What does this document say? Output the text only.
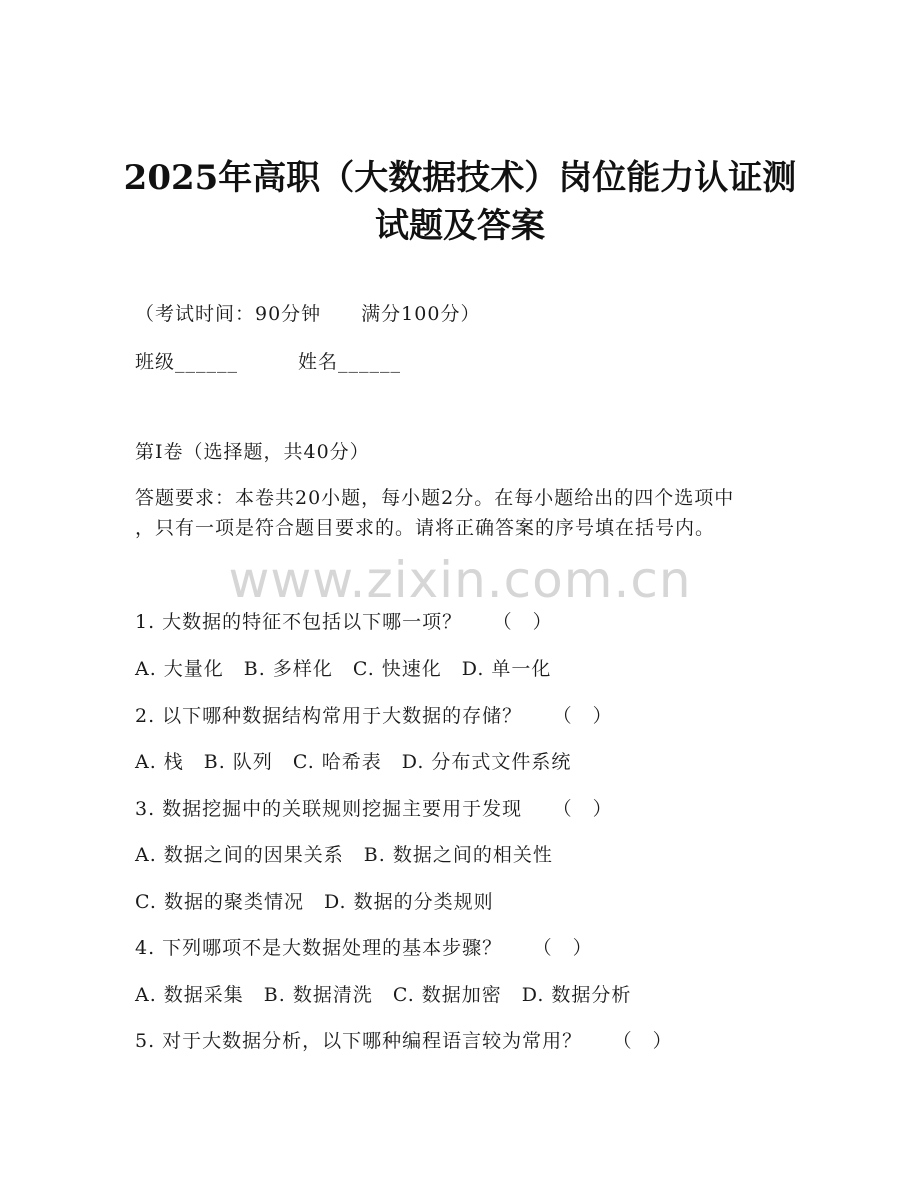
2025年高职（大数据技术）岗位能力认证测
试题及答案
（考试时间：90分钟　　满分100分）
班级______　　　姓名______
第Ⅰ卷（选择题，共40分）
答题要求：本卷共20小题，每小题2分。在每小题给出的四个选项中
，只有一项是符合题目要求的。请将正确答案的序号填在括号内。
www.zixin.com.cn
1. 大数据的特征不包括以下哪一项？　　（　）
A. 大量化　B. 多样化　C. 快速化　D. 单一化
2. 以下哪种数据结构常用于大数据的存储？　　（　）
A. 栈　B. 队列　C. 哈希表　D. 分布式文件系统
3. 数据挖掘中的关联规则挖掘主要用于发现　　（　）
A. 数据之间的因果关系　B. 数据之间的相关性
C. 数据的聚类情况　D. 数据的分类规则
4. 下列哪项不是大数据处理的基本步骤？　　（　）
A. 数据采集　B. 数据清洗　C. 数据加密　D. 数据分析
5. 对于大数据分析，以下哪种编程语言较为常用？　　（　）
